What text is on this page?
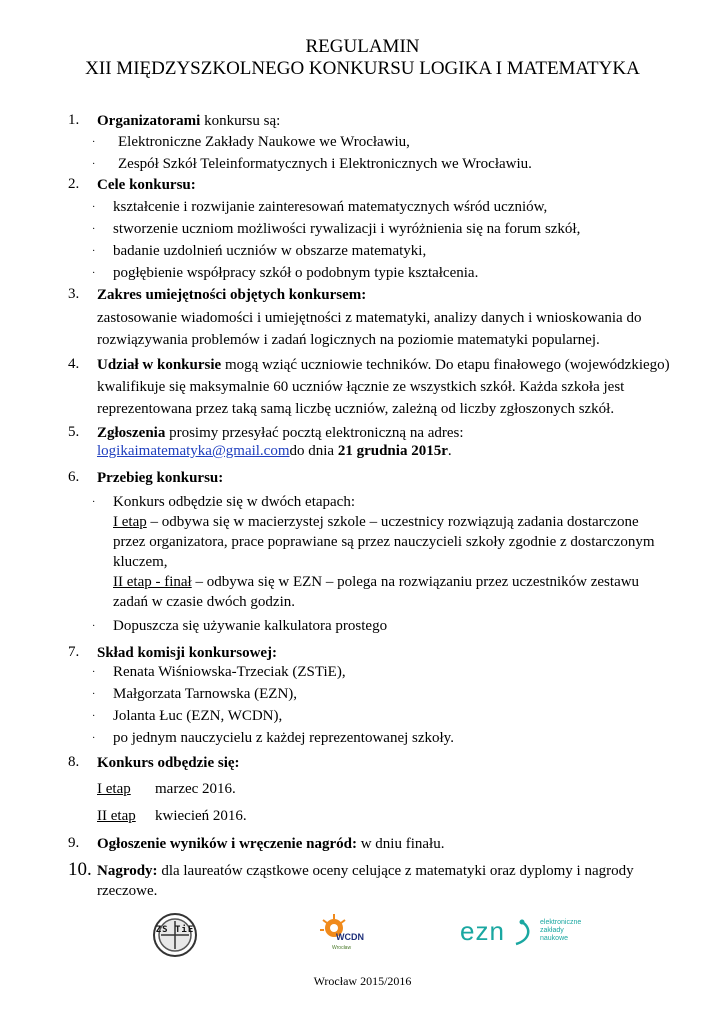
REGULAMIN
XII MIĘDZYSZKOLNEGO KONKURSU LOGIKA I MATEMATYKA
1. Organizatorami konkursu są:
· Elektroniczne Zakłady Naukowe we Wrocławiu,
· Zespół Szkół Teleinformatycznych i Elektronicznych we Wrocławiu.
2. Cele konkursu:
· kształcenie i rozwijanie zainteresowań matematycznych wśród uczniów,
· stworzenie uczniom możliwości rywalizacji i wyróżnienia się na forum szkół,
· badanie uzdolnień uczniów w obszarze matematyki,
· pogłębienie współpracy szkół o podobnym typie kształcenia.
3. Zakres umiejętności objętych konkursem:
zastosowanie wiadomości i umiejętności z matematyki, analizy danych i wnioskowania do
rozwiązywania problemów i zadań logicznych na poziomie matematyki popularnej.
4. Udział w konkursie mogą wziąć uczniowie techników. Do etapu finałowego (wojewódzkiego)
kwalifikuje się maksymalnie 60 uczniów łącznie ze wszystkich szkół. Każda szkoła jest
reprezentowana przez taką samą liczbę uczniów, zależną od liczby zgłoszonych szkół.
5. Zgłoszenia prosimy przesyłać pocztą elektroniczną na adres:
logikaimatematyka@gmail.comdo dnia 21 grudnia 2015r.
6. Przebieg konkursu:
· Konkurs odbędzie się w dwóch etapach:
I etap – odbywa się w macierzystej szkole – uczestnicy rozwiązują zadania dostarczone
przez organizatora, prace poprawiane są przez nauczycieli szkoły zgodnie z dostarczonym
kluczem,
II etap - finał – odbywa się w EZN – polega na rozwiązaniu przez uczestników zestawu
zadań w czasie dwóch godzin.
· Dopuszcza się używanie kalkulatora prostego
7. Skład komisji konkursowej:
· Renata Wiśniowska-Trzeciak (ZSTiE),
· Małgorzata Tarnowska (EZN),
· Jolanta Łuc (EZN, WCDN),
· po jednym nauczycielu z każdej reprezentowanej szkoły.
8. Konkurs odbędzie się:
I etap marzec 2016.
II etap kwiecień 2016.
9. Ogłoszenie wyników i wręczenie nagród: w dniu finału.
10. Nagrody: dla laureatów cząstkowe oceny celujące z matematyki oraz dyplomy i nagrody
rzeczowe.
ZS TiE
WCDN
Wrocław
ezn	elektroniczne
zakłady
naukowe
Wrocław 2015/2016
